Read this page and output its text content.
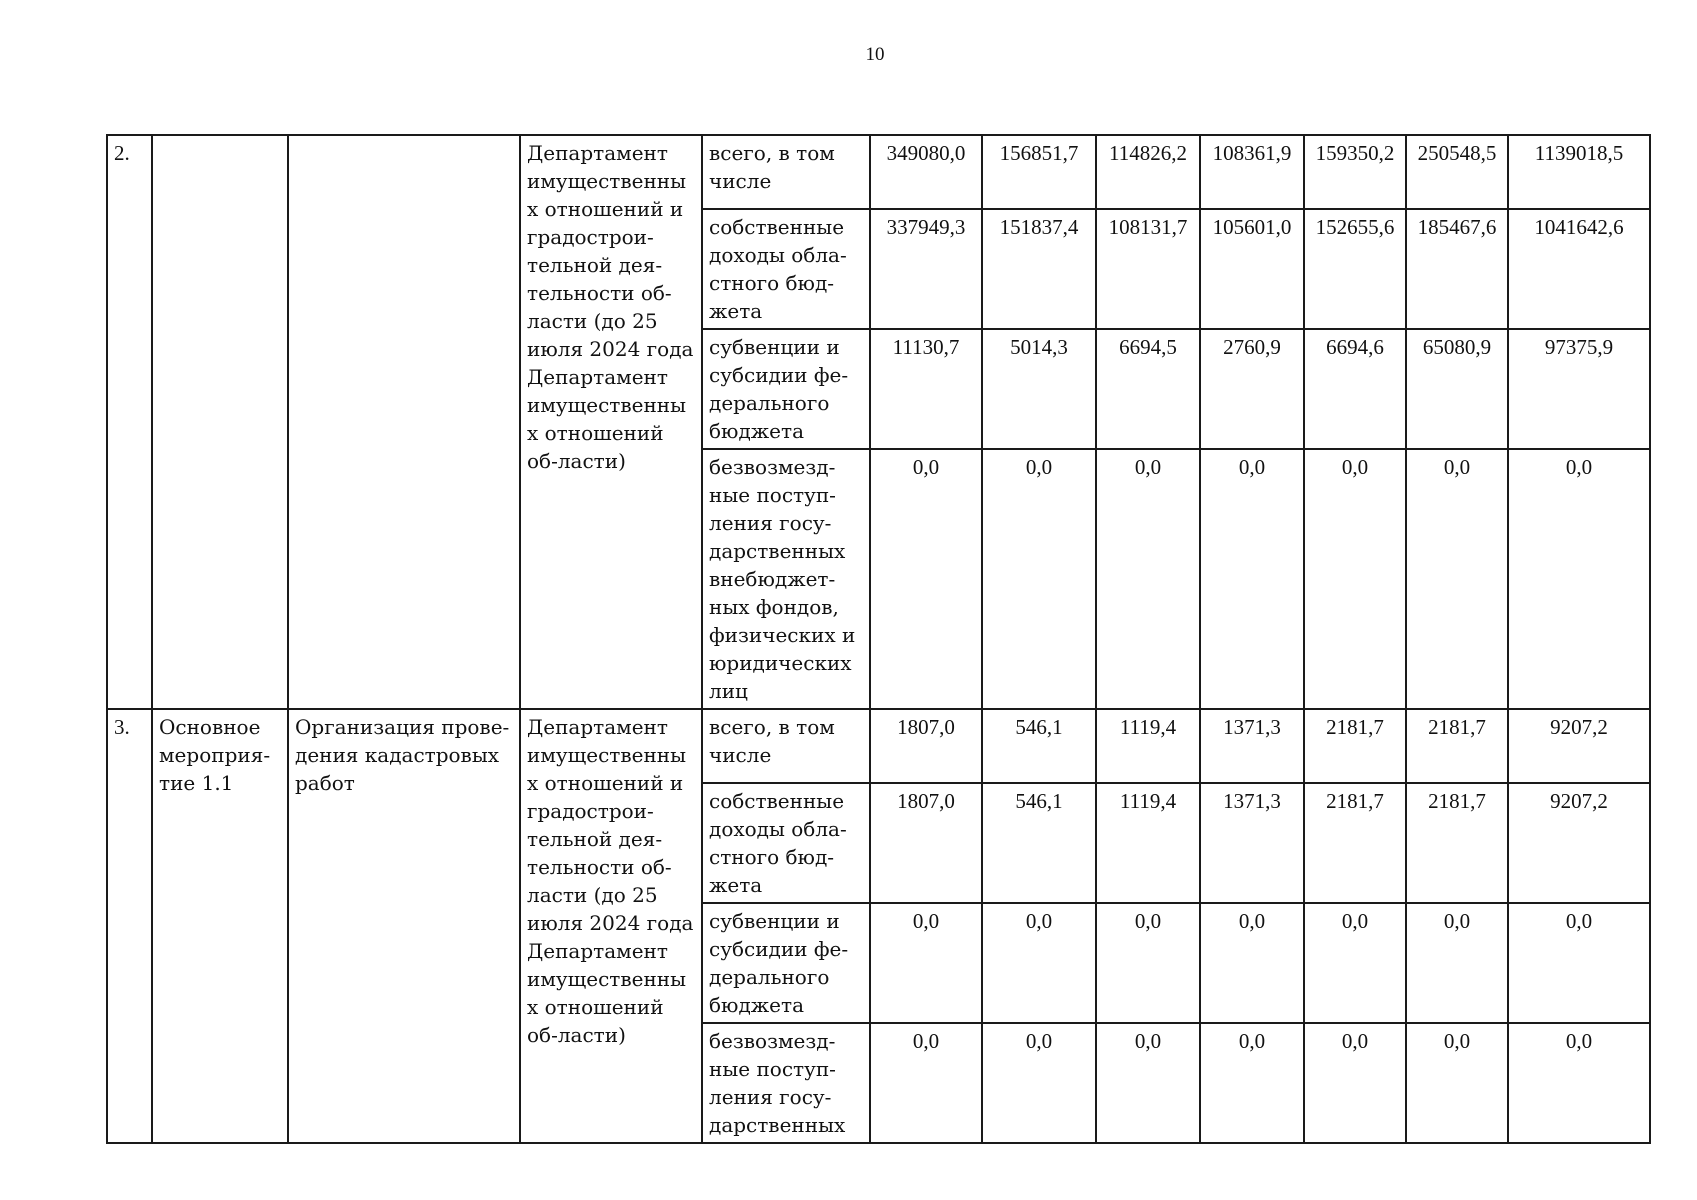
10
2.			Департамент имущественных отношений и градострои-тельной дея-тельности об-ласти (до 25 июля 2024 года Департамент имущественных отношений об-ласти)	всего, в том числе	349080,0	156851,7	114826,2	108361,9	159350,2	250548,5	1139018,5
				собственные доходы обла-стного бюд-жета	337949,3	151837,4	108131,7	105601,0	152655,6	185467,6	1041642,6
				субвенции и субсидии фе-дерального бюджета	11130,7	5014,3	6694,5	2760,9	6694,6	65080,9	97375,9
				безвозмезд-ные поступ-ления госу-дарственных внебюджет-ных фондов, физических и юридических лиц	0,0	0,0	0,0	0,0	0,0	0,0	0,0
3.	Основное мероприя-тие 1.1	Организация прове-дения кадастровых работ	Департамент имущественных отношений и градострои-тельной дея-тельности об-ласти (до 25 июля 2024 года Департамент имущественных отношений об-ласти)	всего, в том числе	1807,0	546,1	1119,4	1371,3	2181,7	2181,7	9207,2
				собственные доходы обла-стного бюд-жета	1807,0	546,1	1119,4	1371,3	2181,7	2181,7	9207,2
				субвенции и субсидии фе-дерального бюджета	0,0	0,0	0,0	0,0	0,0	0,0	0,0
				безвозмезд-ные поступ-ления госу-дарственных	0,0	0,0	0,0	0,0	0,0	0,0	0,0
